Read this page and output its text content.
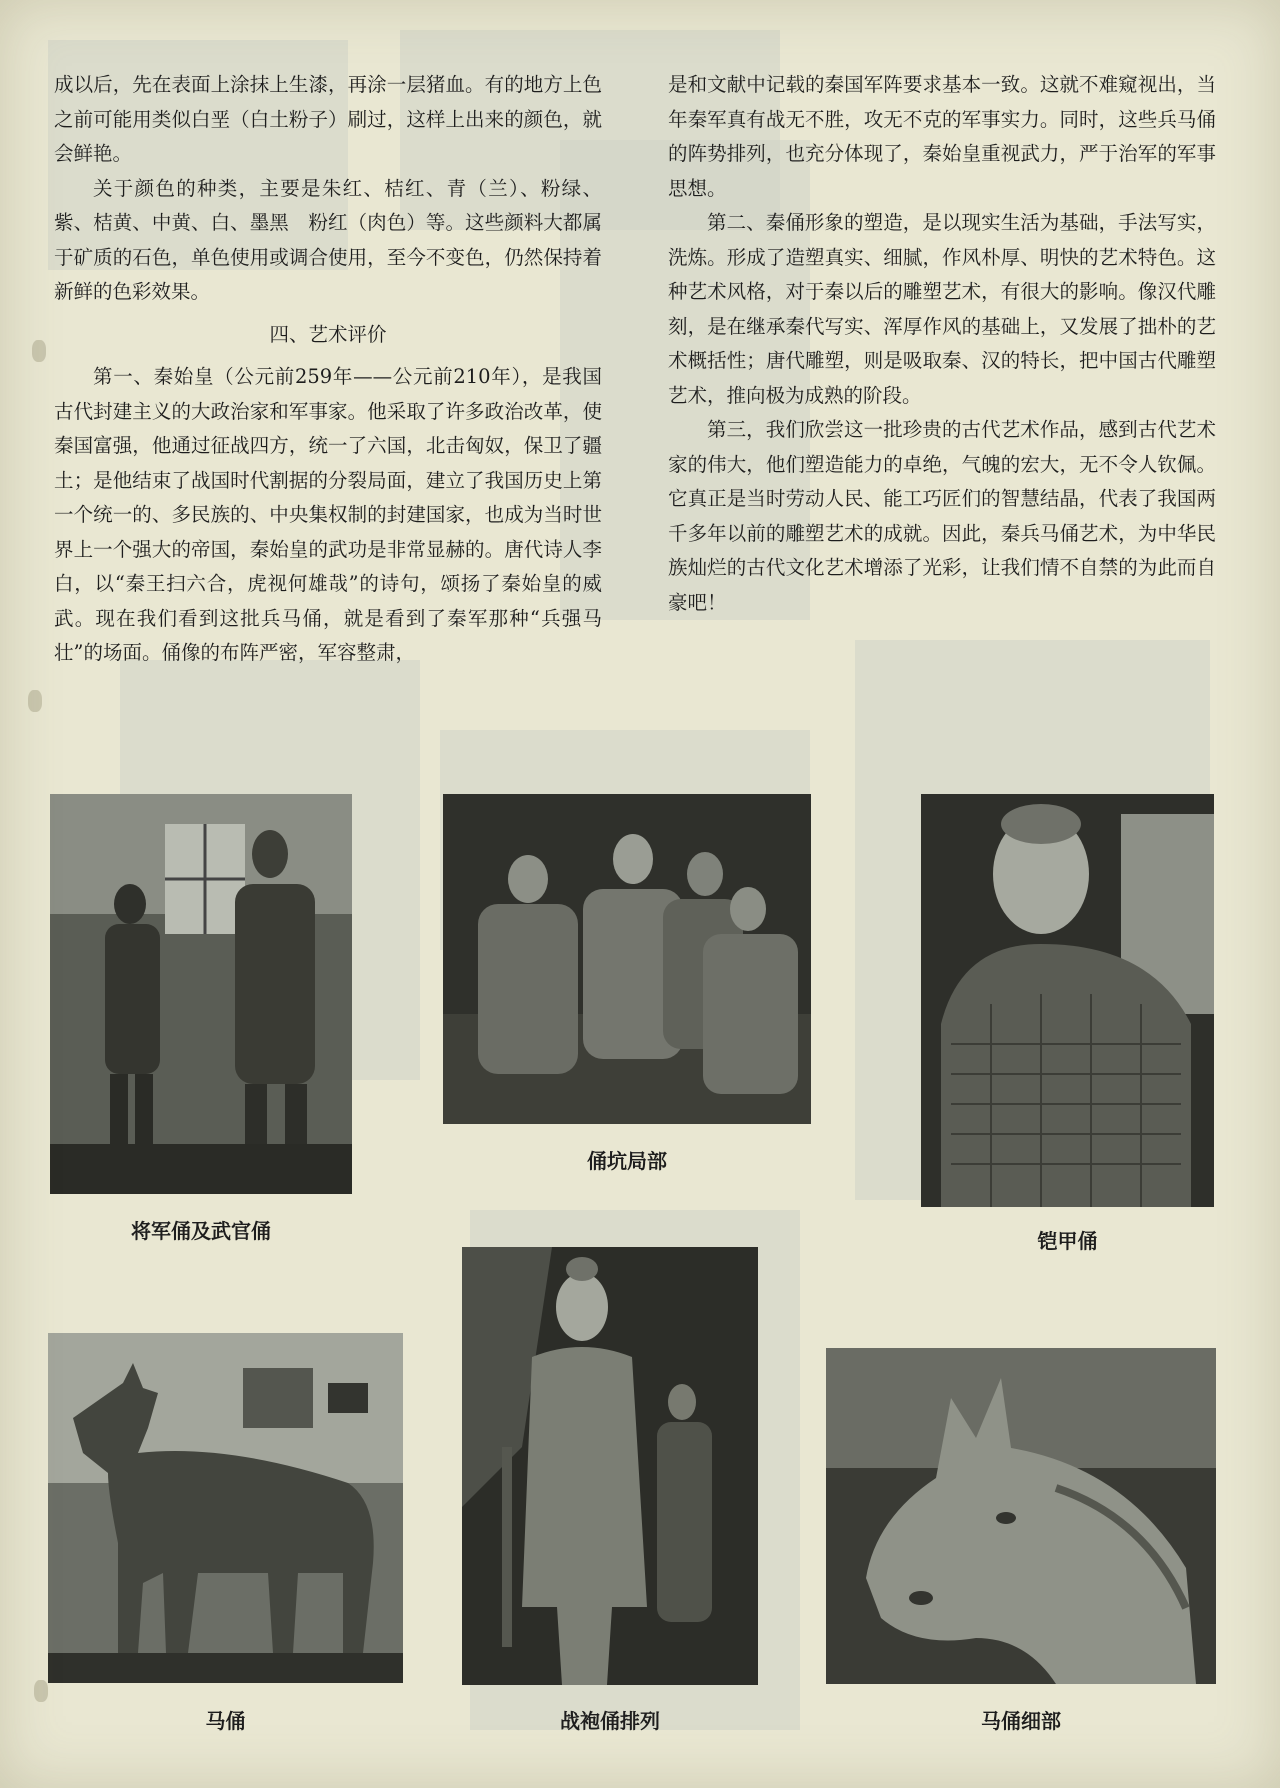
成以后，先在表面上涂抹上生漆，再涂一层猪血。有的地方上色之前可能用类似白垩（白土粉子）刷过，这样上出来的颜色，就会鲜艳。

关于颜色的种类，主要是朱红、桔红、青（兰）、粉绿、紫、桔黄、中黄、白、墨黑　粉红（肉色）等。这些颜料大都属于矿质的石色，单色使用或调合使用，至今不变色，仍然保持着新鲜的色彩效果。

四、艺术评价

第一、秦始皇（公元前259年——公元前210年），是我国古代封建主义的大政治家和军事家。他采取了许多政治改革，使秦国富强，他通过征战四方，统一了六国，北击匈奴，保卫了疆土；是他结束了战国时代割据的分裂局面，建立了我国历史上第一个统一的、多民族的、中央集权制的封建国家，也成为当时世界上一个强大的帝国，秦始皇的武功是非常显赫的。唐代诗人李白，以“秦王扫六合，虎视何雄哉”的诗句，颂扬了秦始皇的威武。现在我们看到这批兵马俑，就是看到了秦军那种“兵强马壮”的场面。俑像的布阵严密，军容整肃，

是和文献中记载的秦国军阵要求基本一致。这就不难窥视出，当年秦军真有战无不胜，攻无不克的军事实力。同时，这些兵马俑的阵势排列，也充分体现了，秦始皇重视武力，严于治军的军事思想。

第二、秦俑形象的塑造，是以现实生活为基础，手法写实，洗炼。形成了造塑真实、细腻，作风朴厚、明快的艺术特色。这种艺术风格，对于秦以后的雕塑艺术，有很大的影响。像汉代雕刻，是在继承秦代写实、浑厚作风的基础上，又发展了拙朴的艺术概括性；唐代雕塑，则是吸取秦、汉的特长，把中国古代雕塑艺术，推向极为成熟的阶段。

第三，我们欣尝这一批珍贵的古代艺术作品，感到古代艺术家的伟大，他们塑造能力的卓绝，气魄的宏大，无不令人钦佩。它真正是当时劳动人民、能工巧匠们的智慧结晶，代表了我国两千多年以前的雕塑艺术的成就。因此，秦兵马俑艺术，为中华民族灿烂的古代文化艺术增添了光彩，让我们情不自禁的为此而自豪吧！

将军俑及武官俑
俑坑局部
铠甲俑
马俑	战袍俑排列	马俑细部
